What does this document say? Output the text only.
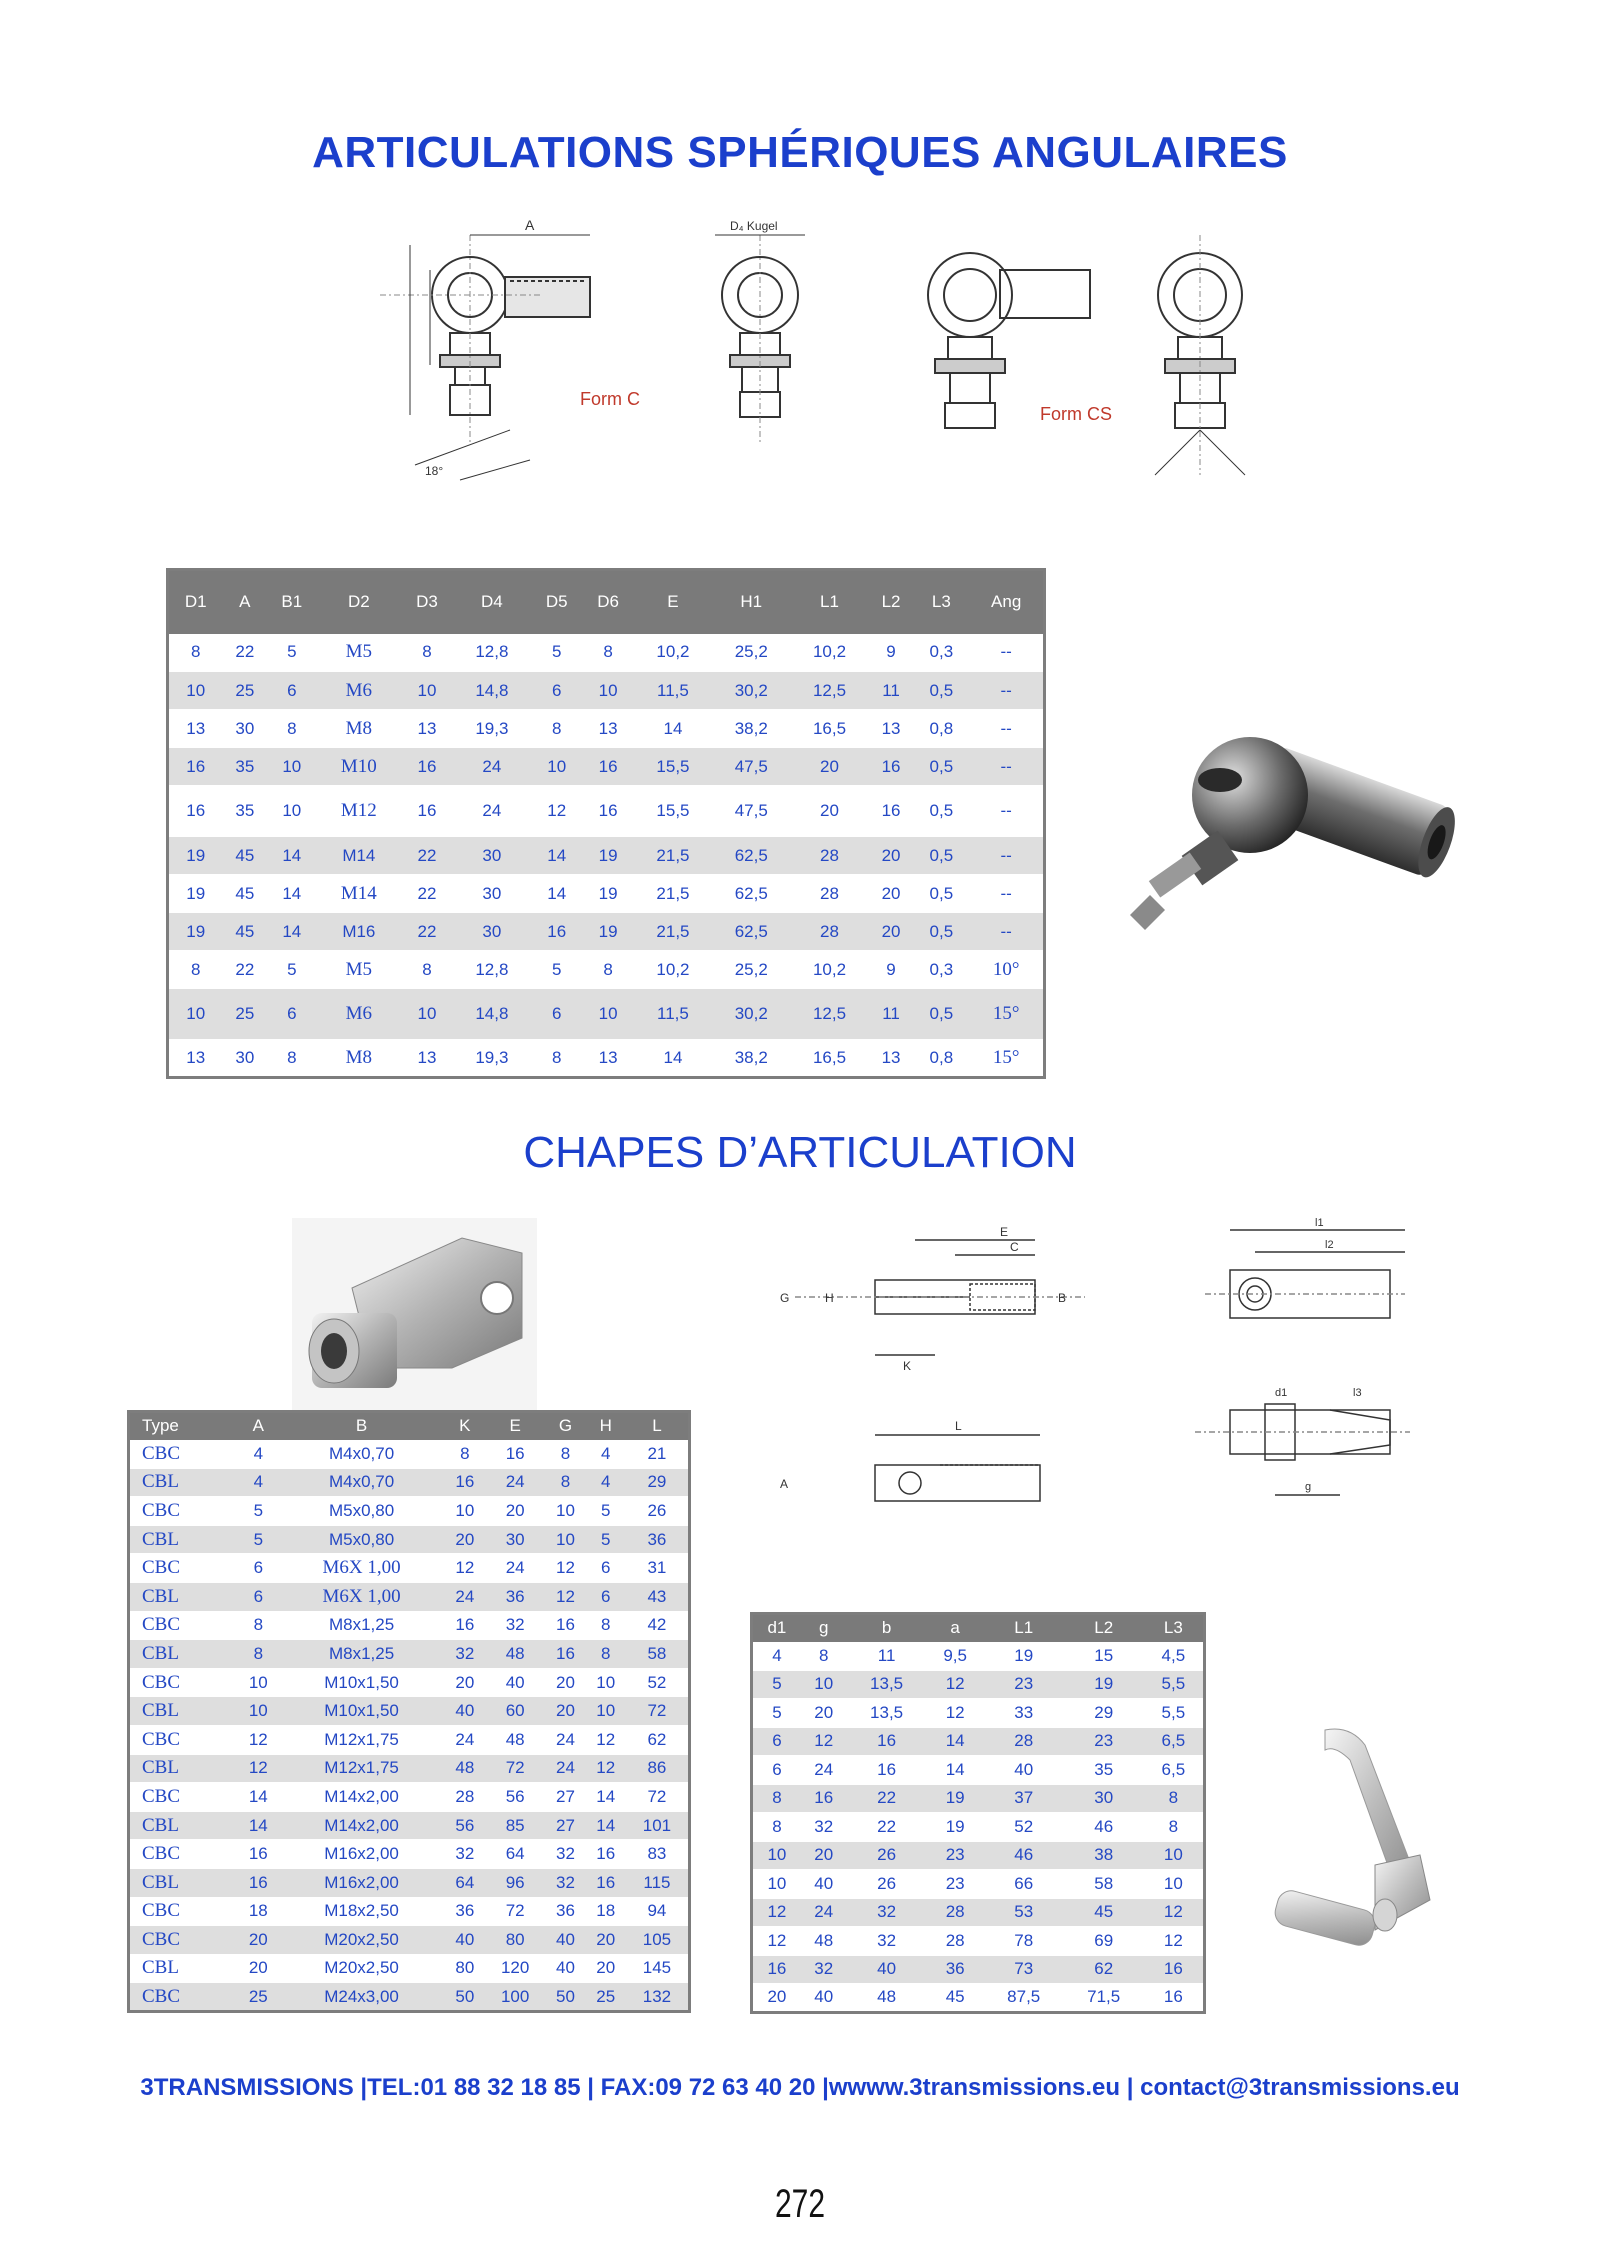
ARTICULATIONS SPHÉRIQUES ANGULAIRES
Form C
Form CS
A	D₄ Kugel
18°
D1	A	B1	D2	D3	D4	D5	D6	E	H1	L1	L2	L3	Ang
8	22	5	M5	8	12,8	5	8	10,2	25,2	10,2	9	0,3	--
10	25	6	M6	10	14,8	6	10	11,5	30,2	12,5	11	0,5	--
13	30	8	M8	13	19,3	8	13	14	38,2	16,5	13	0,8	--
16	35	10	M10	16	24	10	16	15,5	47,5	20	16	0,5	--
16	35	10	M12	16	24	12	16	15,5	47,5	20	16	0,5	--
19	45	14	M14	22	30	14	19	21,5	62,5	28	20	0,5	--
19	45	14	M14	22	30	14	19	21,5	62,5	28	20	0,5	--
19	45	14	M16	22	30	16	19	21,5	62,5	28	20	0,5	--
8	22	5	M5	8	12,8	5	8	10,2	25,2	10,2	9	0,3	10°
10	25	6	M6	10	14,8	6	10	11,5	30,2	12,5	11	0,5	15°
13	30	8	M8	13	19,3	8	13	14	38,2	16,5	13	0,8	15°
CHAPES D’ARTICULATION
Type	A	B	K	E	G	H	L
CBC	4	M4x0,70	8	16	8	4	21
CBL	4	M4x0,70	16	24	8	4	29
CBC	5	M5x0,80	10	20	10	5	26
CBL	5	M5x0,80	20	30	10	5	36
CBC	6	M6X 1,00	12	24	12	6	31
CBL	6	M6X 1,00	24	36	12	6	43
CBC	8	M8x1,25	16	32	16	8	42
CBL	8	M8x1,25	32	48	16	8	58
CBC	10	M10x1,50	20	40	20	10	52
CBL	10	M10x1,50	40	60	20	10	72
CBC	12	M12x1,75	24	48	24	12	62
CBL	12	M12x1,75	48	72	24	12	86
CBC	14	M14x2,00	28	56	27	14	72
CBL	14	M14x2,00	56	85	27	14	101
CBC	16	M16x2,00	32	64	32	16	83
CBL	16	M16x2,00	64	96	32	16	115
CBC	18	M18x2,50	36	72	36	18	94
CBC	20	M20x2,50	40	80	40	20	105
CBL	20	M20x2,50	80	120	40	20	145
CBC	25	M24x3,00	50	100	50	25	132
E
C
G	H	B
K
L
A
l1
l2
d1	l3
g
d1	g	b	a	L1	L2	L3
4	8	11	9,5	19	15	4,5
5	10	13,5	12	23	19	5,5
5	20	13,5	12	33	29	5,5
6	12	16	14	28	23	6,5
6	24	16	14	40	35	6,5
8	16	22	19	37	30	8
8	32	22	19	52	46	8
10	20	26	23	46	38	10
10	40	26	23	66	58	10
12	24	32	28	53	45	12
12	48	32	28	78	69	12
16	32	40	36	73	62	16
20	40	48	45	87,5	71,5	16
3TRANSMISSIONS |TEL:01 88 32 18 85 | FAX:09 72 63 40 20 |wwww.3transmissions.eu | contact@3transmissions.eu
272
